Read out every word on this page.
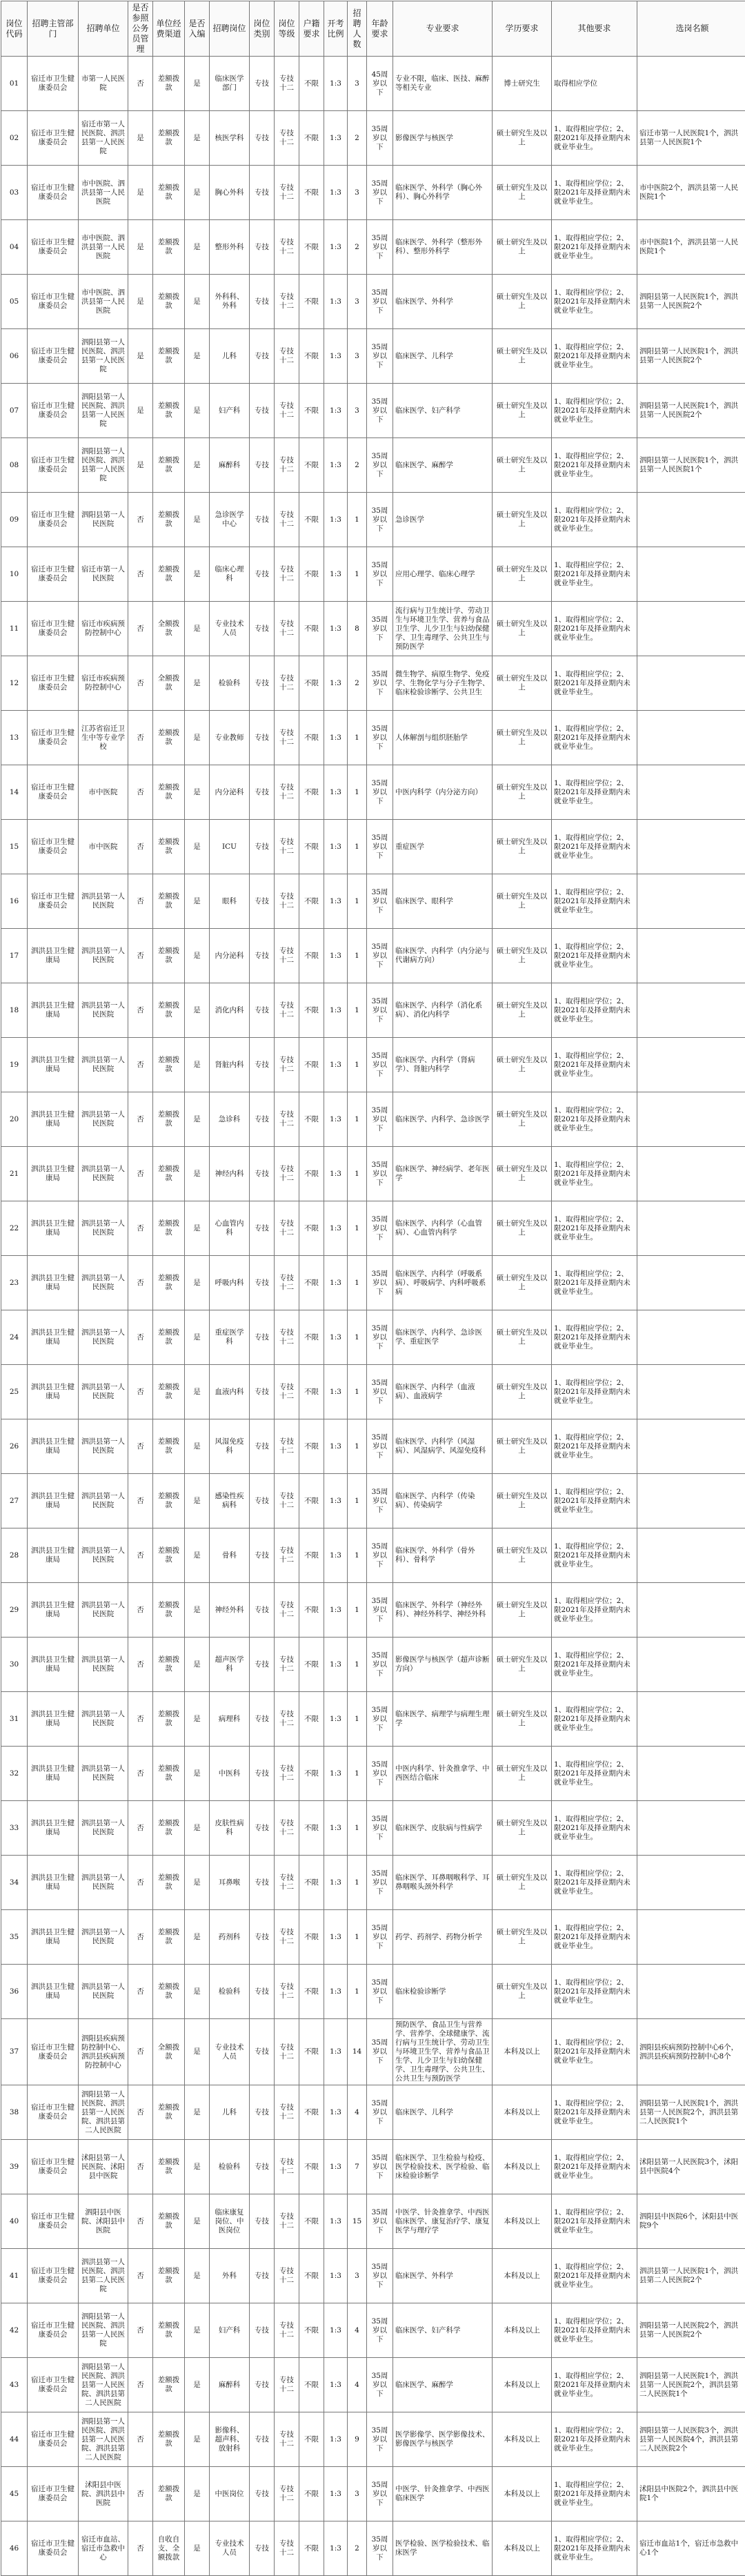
岗位代码	招聘主管部门	招聘单位	是否参照公务员管理	单位经费渠道	是否入编	招聘岗位	岗位类别	岗位等级	户籍要求	开考比例	招聘人数	年龄要求	专业要求	学历要求	其他要求	选岗名额
01	宿迁市卫生健康委员会	市第一人民医院	否	差额拨款	是	临床医学部门	专技	专技十二	不限	1:3	3	45周岁以下	专业不限，临床、医技、麻醉等相关专业	博士研究生	取得相应学位	
02	宿迁市卫生健康委员会	宿迁市第一人民医院、泗洪县第一人民医院	是	差额拨款	是	核医学科	专技	专技十二	不限	1:3	2	35周岁以下	影像医学与核医学	硕士研究生及以上	1、取得相应学位；2、限2021年及择业期内未就业毕业生。	宿迁市第一人民医院1个，泗洪县第一人民医院1个
03	宿迁市卫生健康委员会	市中医院、泗洪县第一人民医院	是	差额拨款	是	胸心外科	专技	专技十二	不限	1:3	3	35周岁以下	临床医学、外科学（胸心外科）、胸心外科学	硕士研究生及以上	1、取得相应学位；2、限2021年及择业期内未就业毕业生。	市中医院2个，泗洪县第一人民医院1个
04	宿迁市卫生健康委员会	市中医院、泗洪县第一人民医院	是	差额拨款	是	整形外科	专技	专技十二	不限	1:3	2	35周岁以下	临床医学、外科学（整形外科）、整形外科学	硕士研究生及以上	1、取得相应学位；2、限2021年及择业期内未就业毕业生。	市中医院1个，泗洪县第一人民医院1个
05	宿迁市卫生健康委员会	市中医院、泗洪县第一人民医院	是	差额拨款	是	外科科、外科	专技	专技十二	不限	1:3	3	35周岁以下	临床医学、外科学	硕士研究生及以上	1、取得相应学位；2、限2021年及择业期内未就业毕业生。	泗阳县第一人民医院1个，泗洪县第一人民医院2个
06	宿迁市卫生健康委员会	泗阳县第一人民医院、泗洪县第一人民医院	是	差额拨款	是	儿科	专技	专技十二	不限	1:3	3	35周岁以下	临床医学、儿科学	硕士研究生及以上	1、取得相应学位；2、限2021年及择业期内未就业毕业生。	泗阳县第一人民医院1个，泗洪县第一人民医院2个
07	宿迁市卫生健康委员会	泗阳县第一人民医院、泗洪县第一人民医院	是	差额拨款	是	妇产科	专技	专技十二	不限	1:3	3	35周岁以下	临床医学、妇产科学	硕士研究生及以上	1、取得相应学位；2、限2021年及择业期内未就业毕业生。	泗阳县第一人民医院1个，泗洪县第一人民医院2个
08	宿迁市卫生健康委员会	泗阳县第一人民医院、泗洪县第一人民医院	是	差额拨款	是	麻醉科	专技	专技十二	不限	1:3	2	35周岁以下	临床医学、麻醉学	硕士研究生及以上	1、取得相应学位；2、限2021年及择业期内未就业毕业生。	泗阳县第一人民医院1个，泗洪县第一人民医院1个
09	宿迁市卫生健康委员会	泗阳县第一人民医院	否	差额拨款	是	急诊医学中心	专技	专技十二	不限	1:3	1	35周岁以下	急诊医学	硕士研究生及以上	1、取得相应学位；2、限2021年及择业期内未就业毕业生。	
10	宿迁市卫生健康委员会	宿迁市第一人民医院	否	差额拨款	是	临床心理科	专技	专技十二	不限	1:3	1	35周岁以下	应用心理学、临床心理学	硕士研究生及以上	1、取得相应学位；2、限2021年及择业期内未就业毕业生。	
11	宿迁市卫生健康委员会	宿迁市疾病预防控制中心	否	全额拨款	是	专业技术人员	专技	专技十二	不限	1:3	8	35周岁以下	流行病与卫生统计学、劳动卫生与环境卫生学、营养与食品卫生学、儿少卫生与妇幼保健学、卫生毒理学、公共卫生与预防医学	硕士研究生及以上	1、取得相应学位；2、限2021年及择业期内未就业毕业生。	
12	宿迁市卫生健康委员会	宿迁市疾病预防控制中心	否	全额拨款	是	检验科	专技	专技十二	不限	1:3	2	35周岁以下	微生物学、病原生物学、免疫学、生物化学与分子生物学、临床检验诊断学、公共卫生	硕士研究生及以上	1、取得相应学位；2、限2021年及择业期内未就业毕业生。	
13	宿迁市卫生健康委员会	江苏省宿迁卫生中等专业学校	否	差额拨款	是	专业教师	专技	专技十二	不限	1:3	1	35周岁以下	人体解剖与组织胚胎学	硕士研究生及以上	1、取得相应学位；2、限2021年及择业期内未就业毕业生。	
14	宿迁市卫生健康委员会	市中医院	否	差额拨款	是	内分泌科	专技	专技十二	不限	1:3	1	35周岁以下	中医内科学（内分泌方向）	硕士研究生及以上	1、取得相应学位；2、限2021年及择业期内未就业毕业生。	
15	宿迁市卫生健康委员会	市中医院	否	差额拨款	是	ICU	专技	专技十二	不限	1:3	1	35周岁以下	重症医学	硕士研究生及以上	1、取得相应学位；2、限2021年及择业期内未就业毕业生。	
16	宿迁市卫生健康委员会	泗洪县第一人民医院	否	差额拨款	是	眼科	专技	专技十二	不限	1:3	1	35周岁以下	临床医学、眼科学	硕士研究生及以上	1、取得相应学位；2、限2021年及择业期内未就业毕业生。	
17	泗洪县卫生健康局	泗洪县第一人民医院	否	差额拨款	是	内分泌科	专技	专技十二	不限	1:3	1	35周岁以下	临床医学、内科学（内分泌与代谢病方向）	硕士研究生及以上	1、取得相应学位；2、限2021年及择业期内未就业毕业生。	
18	泗洪县卫生健康局	泗洪县第一人民医院	否	差额拨款	是	消化内科	专技	专技十二	不限	1:3	1	35周岁以下	临床医学、内科学（消化系病）、消化内科学	硕士研究生及以上	1、取得相应学位；2、限2021年及择业期内未就业毕业生。	
19	泗洪县卫生健康局	泗洪县第一人民医院	否	差额拨款	是	肾脏内科	专技	专技十二	不限	1:3	1	35周岁以下	临床医学、内科学（肾病学）、肾脏内科学	硕士研究生及以上	1、取得相应学位；2、限2021年及择业期内未就业毕业生。	
20	泗洪县卫生健康局	泗洪县第一人民医院	否	差额拨款	是	急诊科	专技	专技十二	不限	1:3	1	35周岁以下	临床医学、内科学、急诊医学	硕士研究生及以上	1、取得相应学位；2、限2021年及择业期内未就业毕业生。	
21	泗洪县卫生健康局	泗洪县第一人民医院	否	差额拨款	是	神经内科	专技	专技十二	不限	1:3	1	35周岁以下	临床医学、神经病学、老年医学	硕士研究生及以上	1、取得相应学位；2、限2021年及择业期内未就业毕业生。	
22	泗洪县卫生健康局	泗洪县第一人民医院	否	差额拨款	是	心血管内科	专技	专技十二	不限	1:3	1	35周岁以下	临床医学、内科学（心血管病）、心血管内科学	硕士研究生及以上	1、取得相应学位；2、限2021年及择业期内未就业毕业生。	
23	泗洪县卫生健康局	泗洪县第一人民医院	否	差额拨款	是	呼吸内科	专技	专技十二	不限	1:3	1	35周岁以下	临床医学、内科学（呼吸系病）、呼吸病学、内科呼吸系病	硕士研究生及以上	1、取得相应学位；2、限2021年及择业期内未就业毕业生。	
24	泗洪县卫生健康局	泗洪县第一人民医院	否	差额拨款	是	重症医学科	专技	专技十二	不限	1:3	1	35周岁以下	临床医学、内科学、急诊医学、重症医学	硕士研究生及以上	1、取得相应学位；2、限2021年及择业期内未就业毕业生。	
25	泗洪县卫生健康局	泗洪县第一人民医院	否	差额拨款	是	血液内科	专技	专技十二	不限	1:3	1	35周岁以下	临床医学、内科学（血液病）、血液病学	硕士研究生及以上	1、取得相应学位；2、限2021年及择业期内未就业毕业生。	
26	泗洪县卫生健康局	泗洪县第一人民医院	否	差额拨款	是	风湿免疫科	专技	专技十二	不限	1:3	1	35周岁以下	临床医学、内科学（风湿病）、风湿病学、风湿免疫科	硕士研究生及以上	1、取得相应学位；2、限2021年及择业期内未就业毕业生。	
27	泗洪县卫生健康局	泗洪县第一人民医院	否	差额拨款	是	感染性疾病科	专技	专技十二	不限	1:3	1	35周岁以下	临床医学、内科学（传染病）、传染病学	硕士研究生及以上	1、取得相应学位；2、限2021年及择业期内未就业毕业生。	
28	泗洪县卫生健康局	泗洪县第一人民医院	否	差额拨款	是	骨科	专技	专技十二	不限	1:3	1	35周岁以下	临床医学、外科学（骨外科）、骨科学	硕士研究生及以上	1、取得相应学位；2、限2021年及择业期内未就业毕业生。	
29	泗洪县卫生健康局	泗洪县第一人民医院	否	差额拨款	是	神经外科	专技	专技十二	不限	1:3	1	35周岁以下	临床医学、外科学（神经外科）、神经外科学、神经外科	硕士研究生及以上	1、取得相应学位；2、限2021年及择业期内未就业毕业生。	
30	泗洪县卫生健康局	泗洪县第一人民医院	否	差额拨款	是	超声医学科	专技	专技十二	不限	1:3	1	35周岁以下	影像医学与核医学（超声诊断方向）	硕士研究生及以上	1、取得相应学位；2、限2021年及择业期内未就业毕业生。	
31	泗洪县卫生健康局	泗洪县第一人民医院	否	差额拨款	是	病理科	专技	专技十二	不限	1:3	1	35周岁以下	临床医学、病理学与病理生理学	硕士研究生及以上	1、取得相应学位；2、限2021年及择业期内未就业毕业生。	
32	泗洪县卫生健康局	泗洪县第一人民医院	否	差额拨款	是	中医科	专技	专技十二	不限	1:3	1	35周岁以下	中医内科学、针灸推拿学、中西医结合临床	硕士研究生及以上	1、取得相应学位；2、限2021年及择业期内未就业毕业生。	
33	泗洪县卫生健康局	泗洪县第一人民医院	否	差额拨款	是	皮肤性病科	专技	专技十二	不限	1:3	1	35周岁以下	临床医学、皮肤病与性病学	硕士研究生及以上	1、取得相应学位；2、限2021年及择业期内未就业毕业生。	
34	泗洪县卫生健康局	泗洪县第一人民医院	否	差额拨款	是	耳鼻喉	专技	专技十二	不限	1:3	1	35周岁以下	临床医学、耳鼻咽喉科学、耳鼻咽喉头颈外科学	硕士研究生及以上	1、取得相应学位；2、限2021年及择业期内未就业毕业生。	
35	泗洪县卫生健康局	泗洪县第一人民医院	否	差额拨款	是	药剂科	专技	专技十二	不限	1:3	1	35周岁以下	药学、药剂学、药物分析学	硕士研究生及以上	1、取得相应学位；2、限2021年及择业期内未就业毕业生。	
36	泗洪县卫生健康局	泗洪县第一人民医院	否	差额拨款	是	检验科	专技	专技十二	不限	1:3	1	35周岁以下	临床检验诊断学	硕士研究生及以上	1、取得相应学位；2、限2021年及择业期内未就业毕业生。	
37	宿迁市卫生健康委员会	泗阳县疾病预防控制中心、泗洪县疾病预防控制中心	否	全额拨款	是	专业技术人员	专技	专技十二	不限	1:3	14	35周岁以下	预防医学、食品卫生与营养学、营养学、全球健康学、流行病与卫生统计学、劳动卫生与环境卫生学、营养与食品卫生学、儿少卫生与妇幼保健学、卫生毒理学、公共卫生、公共卫生与预防医学	本科及以上	1、取得相应学位；2、限2021年及择业期内未就业毕业生。	泗阳县疾病预防控制中心6个，泗洪县疾病预防控制中心8个
38	宿迁市卫生健康委员会	泗阳县第一人民医院、泗洪县第一人民医院、泗洪县第二人民医院	否	差额拨款	是	儿科	专技	专技十二	不限	1:3	4	35周岁以下	临床医学、儿科学	本科及以上	1、取得相应学位；2、限2021年及择业期内未就业毕业生。	泗阳县第一人民医院1个，泗洪县第一人民医院2个，泗洪县第二人民医院1个
39	宿迁市卫生健康委员会	沭阳县第一人民医院、沭阳县中医院	否	差额拨款	是	检验科	专技	专技十二	不限	1:3	7	35周岁以下	临床医学、卫生检验与检疫、医学检验技术、医学检验、临床检验诊断学	本科及以上	1、取得相应学位；2、限2021年及择业期内未就业毕业生。	沭阳县第一人民医院3个，沭阳县中医院4个
40	宿迁市卫生健康委员会	泗阳县中医院、沭阳县中医院	否	差额拨款	是	临床康复岗位、中医岗位	专技	专技十二	不限	1:3	15	35周岁以下	中医学、针灸推拿学、中西医临床医学、康复治疗学、康复医学与理疗学	本科及以上	1、取得相应学位；2、限2021年及择业期内未就业毕业生。	泗阳县中医院6个，沭阳县中医院9个
41	宿迁市卫生健康委员会	泗洪县第一人民医院、泗洪县第二人民医院	否	差额拨款	是	外科	专技	专技十二	不限	1:3	3	35周岁以下	临床医学、外科学	本科及以上	1、取得相应学位；2、限2021年及择业期内未就业毕业生。	泗洪县第一人民医院1个，泗洪县第二人民医院2个
42	宿迁市卫生健康委员会	泗阳县第一人民医院、泗洪县第一人民医院	否	差额拨款	是	妇产科	专技	专技十二	不限	1:3	4	35周岁以下	临床医学、妇产科学	本科及以上	1、取得相应学位；2、限2021年及择业期内未就业毕业生。	泗阳县第一人民医院2个，泗洪县第一人民医院2个
43	宿迁市卫生健康委员会	泗阳县第一人民医院、泗洪县第一人民医院、泗洪县第二人民医院	否	差额拨款	是	麻醉科	专技	专技十二	不限	1:3	4	35周岁以下	临床医学、麻醉学	本科及以上	1、取得相应学位；2、限2021年及择业期内未就业毕业生。	泗阳县第一人民医院1个，泗洪县第一人民医院2个，泗洪县第二人民医院1个
44	宿迁市卫生健康委员会	泗阳县第一人民医院、泗洪县第一人民医院、泗洪县第二人民医院	否	差额拨款	是	影像科、超声科、放射科	专技	专技十二	不限	1:3	9	35周岁以下	医学影像学、医学影像技术、影像医学与核医学	本科及以上	1、取得相应学位；2、限2021年及择业期内未就业毕业生。	泗阳县第一人民医院3个，泗洪县第一人民医院4个，泗洪县第二人民医院2个
45	宿迁市卫生健康委员会	沭阳县中医院、泗洪县中医院	否	差额拨款	是	中医岗位	专技	专技十二	不限	1:3	3	35周岁以下	中医学、针灸推拿学、中西医临床医学	本科及以上	1、取得相应学位；2、限2021年及择业期内未就业毕业生。	沭阳县中医院2个，泗洪县中医院1个
46	宿迁市卫生健康委员会	宿迁市血站、宿迁市急救中心	否	自收自支、全额拨款	是	专业技术人员	专技	专技十二	不限	1:3	2	35周岁以下	医学检验、医学检验技术、临床医学	本科及以上	1、取得相应学位；2、限2021年及择业期内未就业毕业生。	宿迁市血站1个，宿迁市急救中心1个
